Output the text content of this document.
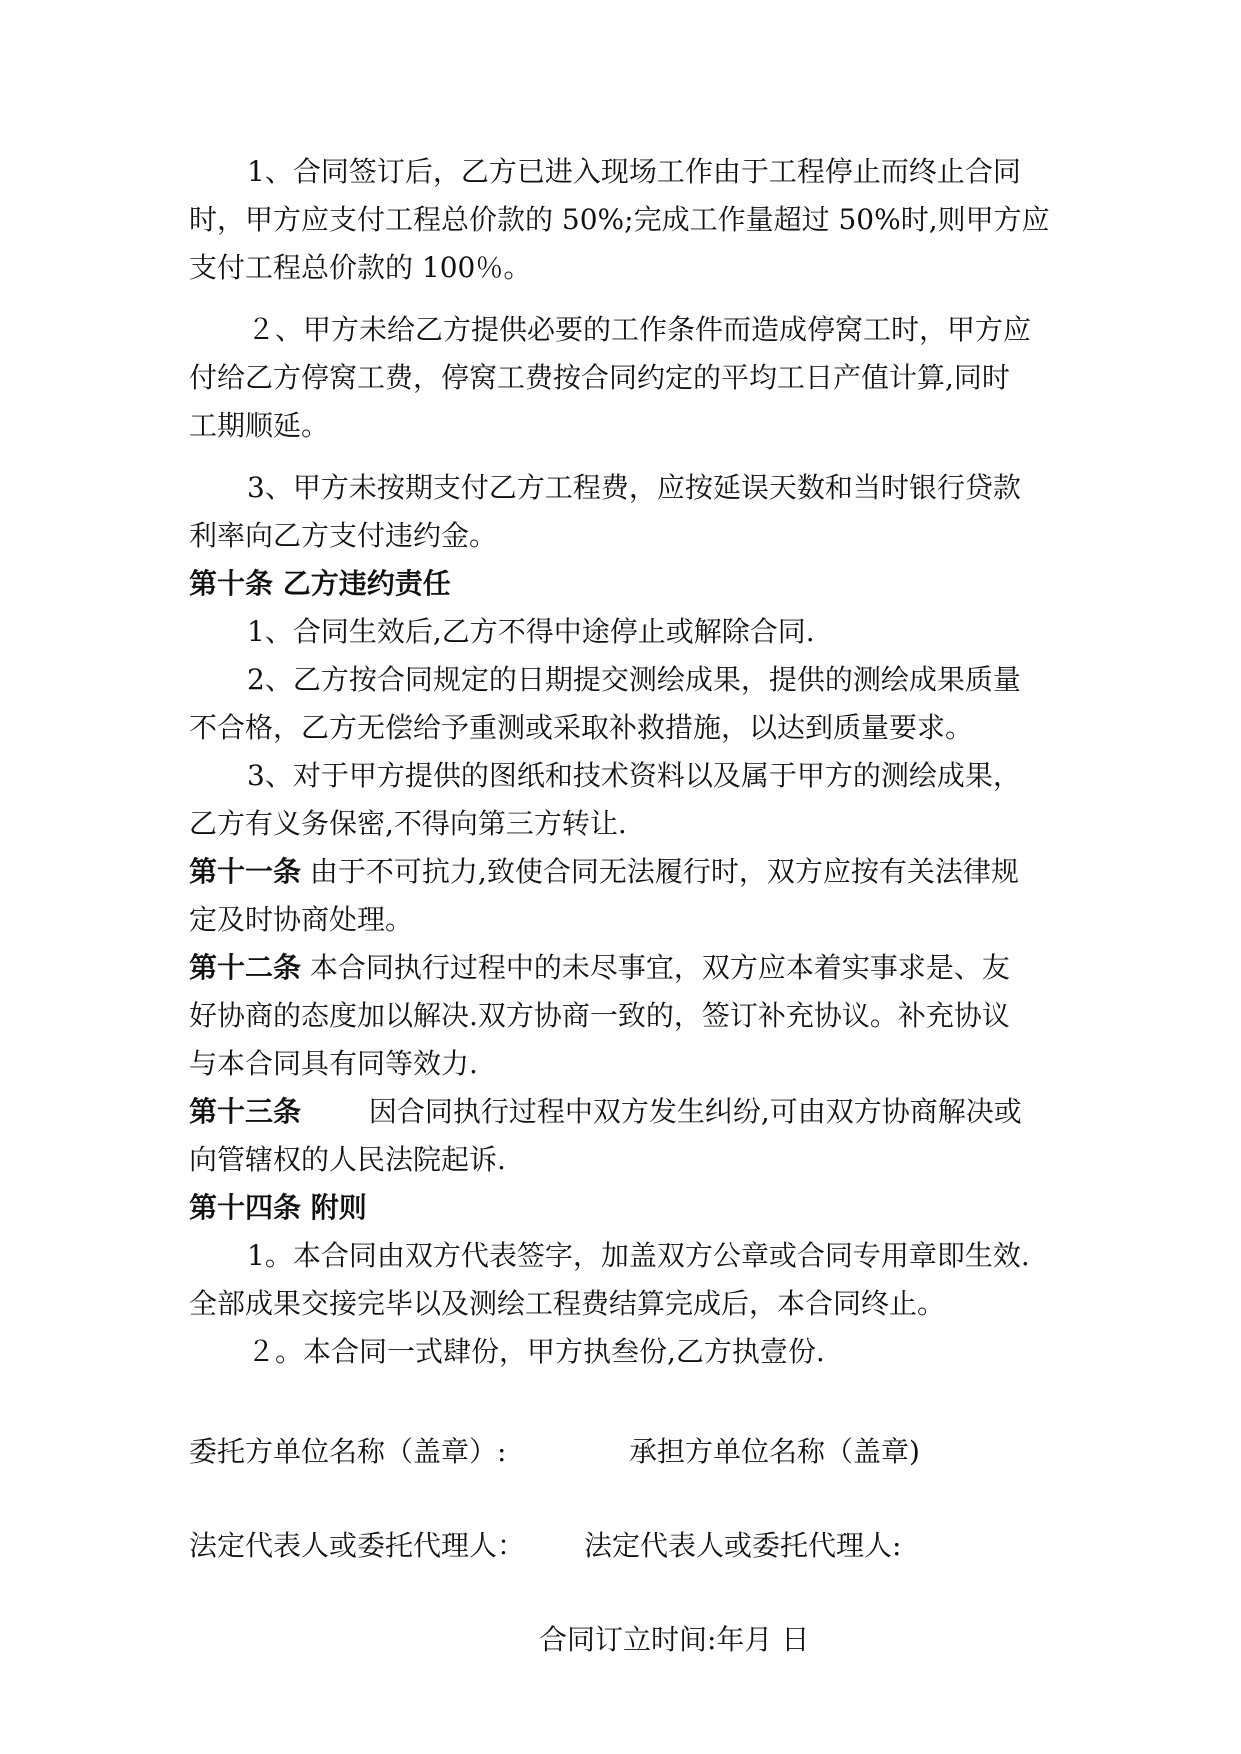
1、合同签订后，乙方已进入现场工作由于工程停止而终止合同
时，甲方应支付工程总价款的 50%;完成工作量超过 50%时,则甲方应
支付工程总价款的 100％。
２、甲方未给乙方提供必要的工作条件而造成停窝工时，甲方应
付给乙方停窝工费，停窝工费按合同约定的平均工日产值计算,同时
工期顺延。
3、甲方未按期支付乙方工程费，应按延误天数和当时银行贷款
利率向乙方支付违约金。
第十条 乙方违约责任
1、合同生效后,乙方不得中途停止或解除合同.
2、乙方按合同规定的日期提交测绘成果，提供的测绘成果质量
不合格，乙方无偿给予重测或采取补救措施，以达到质量要求。
3、对于甲方提供的图纸和技术资料以及属于甲方的测绘成果，
乙方有义务保密,不得向第三方转让.
第十一条 由于不可抗力,致使合同无法履行时，双方应按有关法律规
定及时协商处理。
第十二条 本合同执行过程中的未尽事宜，双方应本着实事求是、友
好协商的态度加以解决.双方协商一致的，签订补充协议。补充协议
与本合同具有同等效力.
第十三条 因合同执行过程中双方发生纠纷,可由双方协商解决或
向管辖权的人民法院起诉.
第十四条 附则
1。本合同由双方代表签字，加盖双方公章或合同专用章即生效.
全部成果交接完毕以及测绘工程费结算完成后，本合同终止。
２。本合同一式肆份，甲方执叁份,乙方执壹份.
委托方单位名称（盖章）:	承担方单位名称（盖章)
法定代表人或委托代理人： 法定代表人或委托代理人:
合同订立时间:年月 日
